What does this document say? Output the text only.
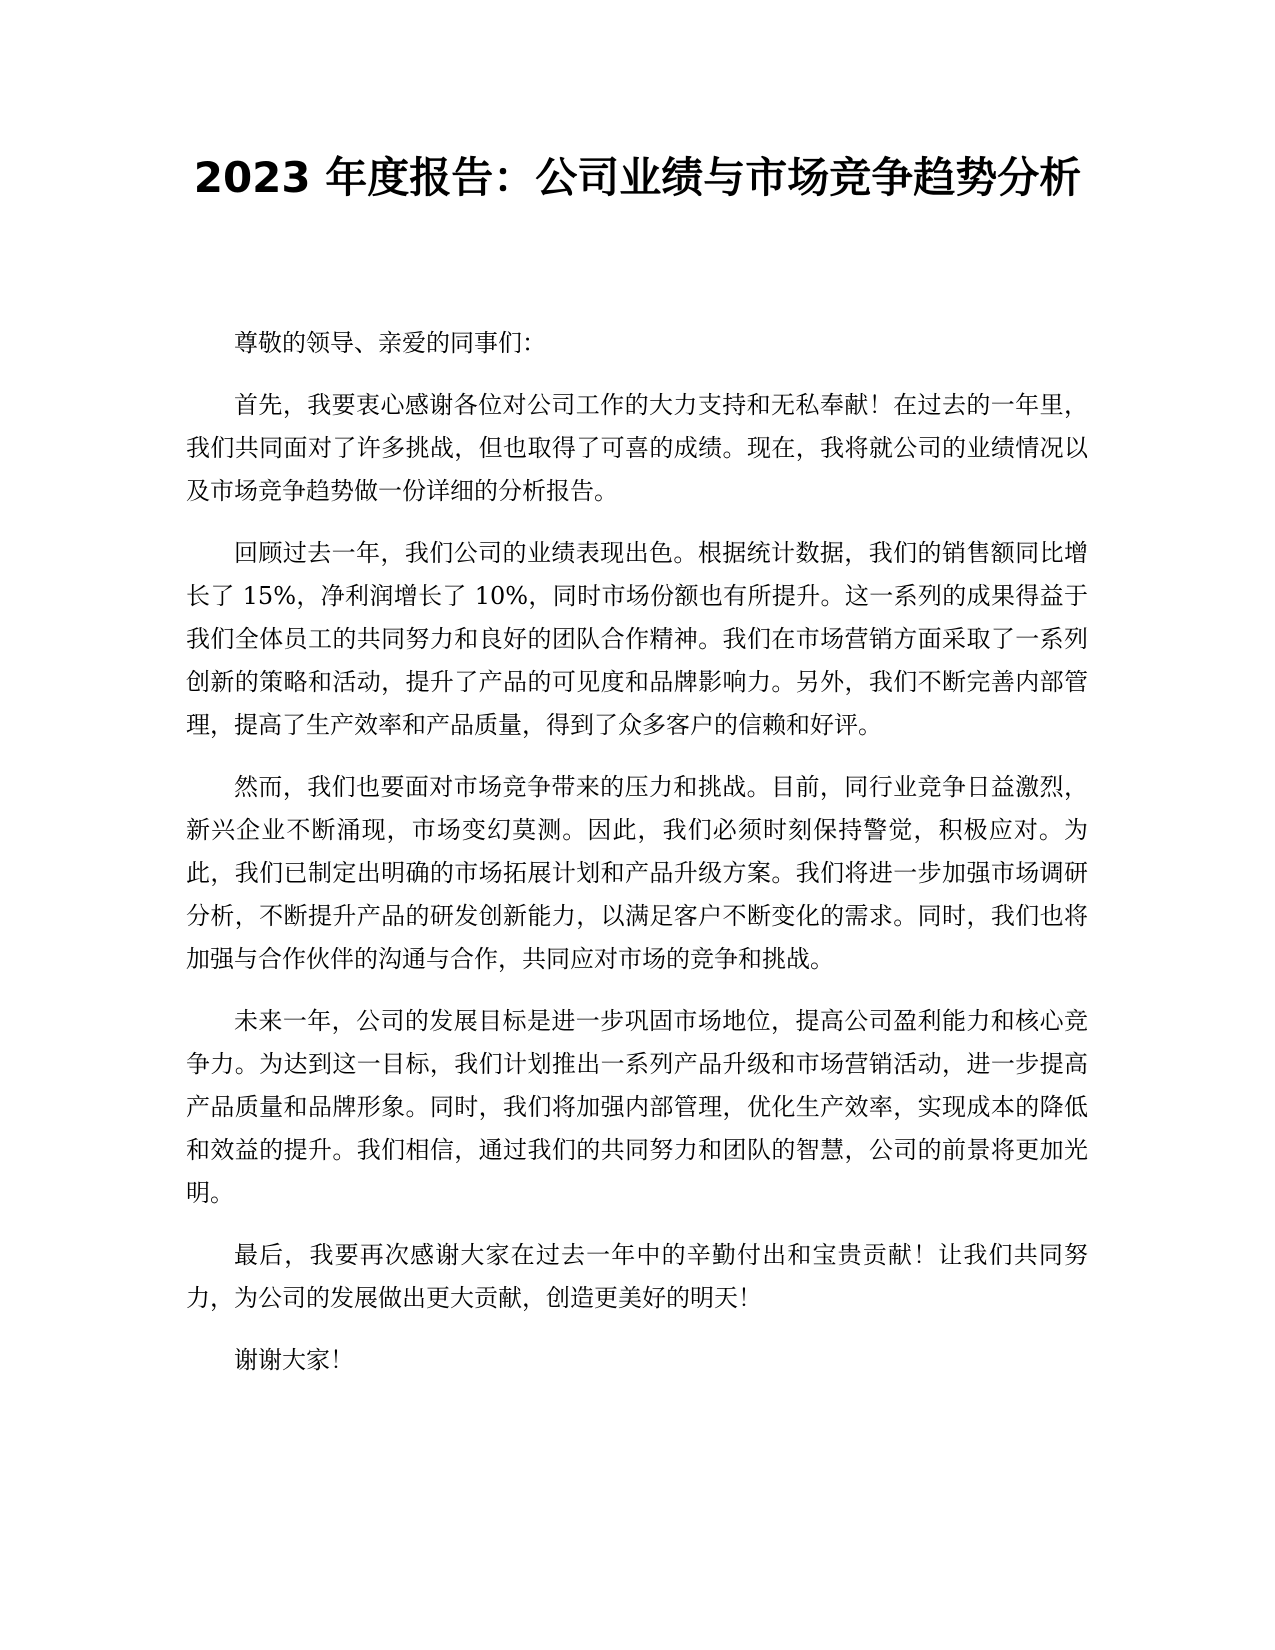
2023 年度报告：公司业绩与市场竞争趋势分析

尊敬的领导、亲爱的同事们：

首先，我要衷心感谢各位对公司工作的大力支持和无私奉献！在过去的一年里，我们共同面对了许多挑战，但也取得了可喜的成绩。现在，我将就公司的业绩情况以及市场竞争趋势做一份详细的分析报告。

回顾过去一年，我们公司的业绩表现出色。根据统计数据，我们的销售额同比增长了 15%，净利润增长了 10%，同时市场份额也有所提升。这一系列的成果得益于我们全体员工的共同努力和良好的团队合作精神。我们在市场营销方面采取了一系列创新的策略和活动，提升了产品的可见度和品牌影响力。另外，我们不断完善内部管理，提高了生产效率和产品质量，得到了众多客户的信赖和好评。

然而，我们也要面对市场竞争带来的压力和挑战。目前，同行业竞争日益激烈，新兴企业不断涌现，市场变幻莫测。因此，我们必须时刻保持警觉，积极应对。为此，我们已制定出明确的市场拓展计划和产品升级方案。我们将进一步加强市场调研分析，不断提升产品的研发创新能力，以满足客户不断变化的需求。同时，我们也将加强与合作伙伴的沟通与合作，共同应对市场的竞争和挑战。

未来一年，公司的发展目标是进一步巩固市场地位，提高公司盈利能力和核心竞争力。为达到这一目标，我们计划推出一系列产品升级和市场营销活动，进一步提高产品质量和品牌形象。同时，我们将加强内部管理，优化生产效率，实现成本的降低和效益的提升。我们相信，通过我们的共同努力和团队的智慧，公司的前景将更加光明。

最后，我要再次感谢大家在过去一年中的辛勤付出和宝贵贡献！让我们共同努力，为公司的发展做出更大贡献，创造更美好的明天！

谢谢大家！
